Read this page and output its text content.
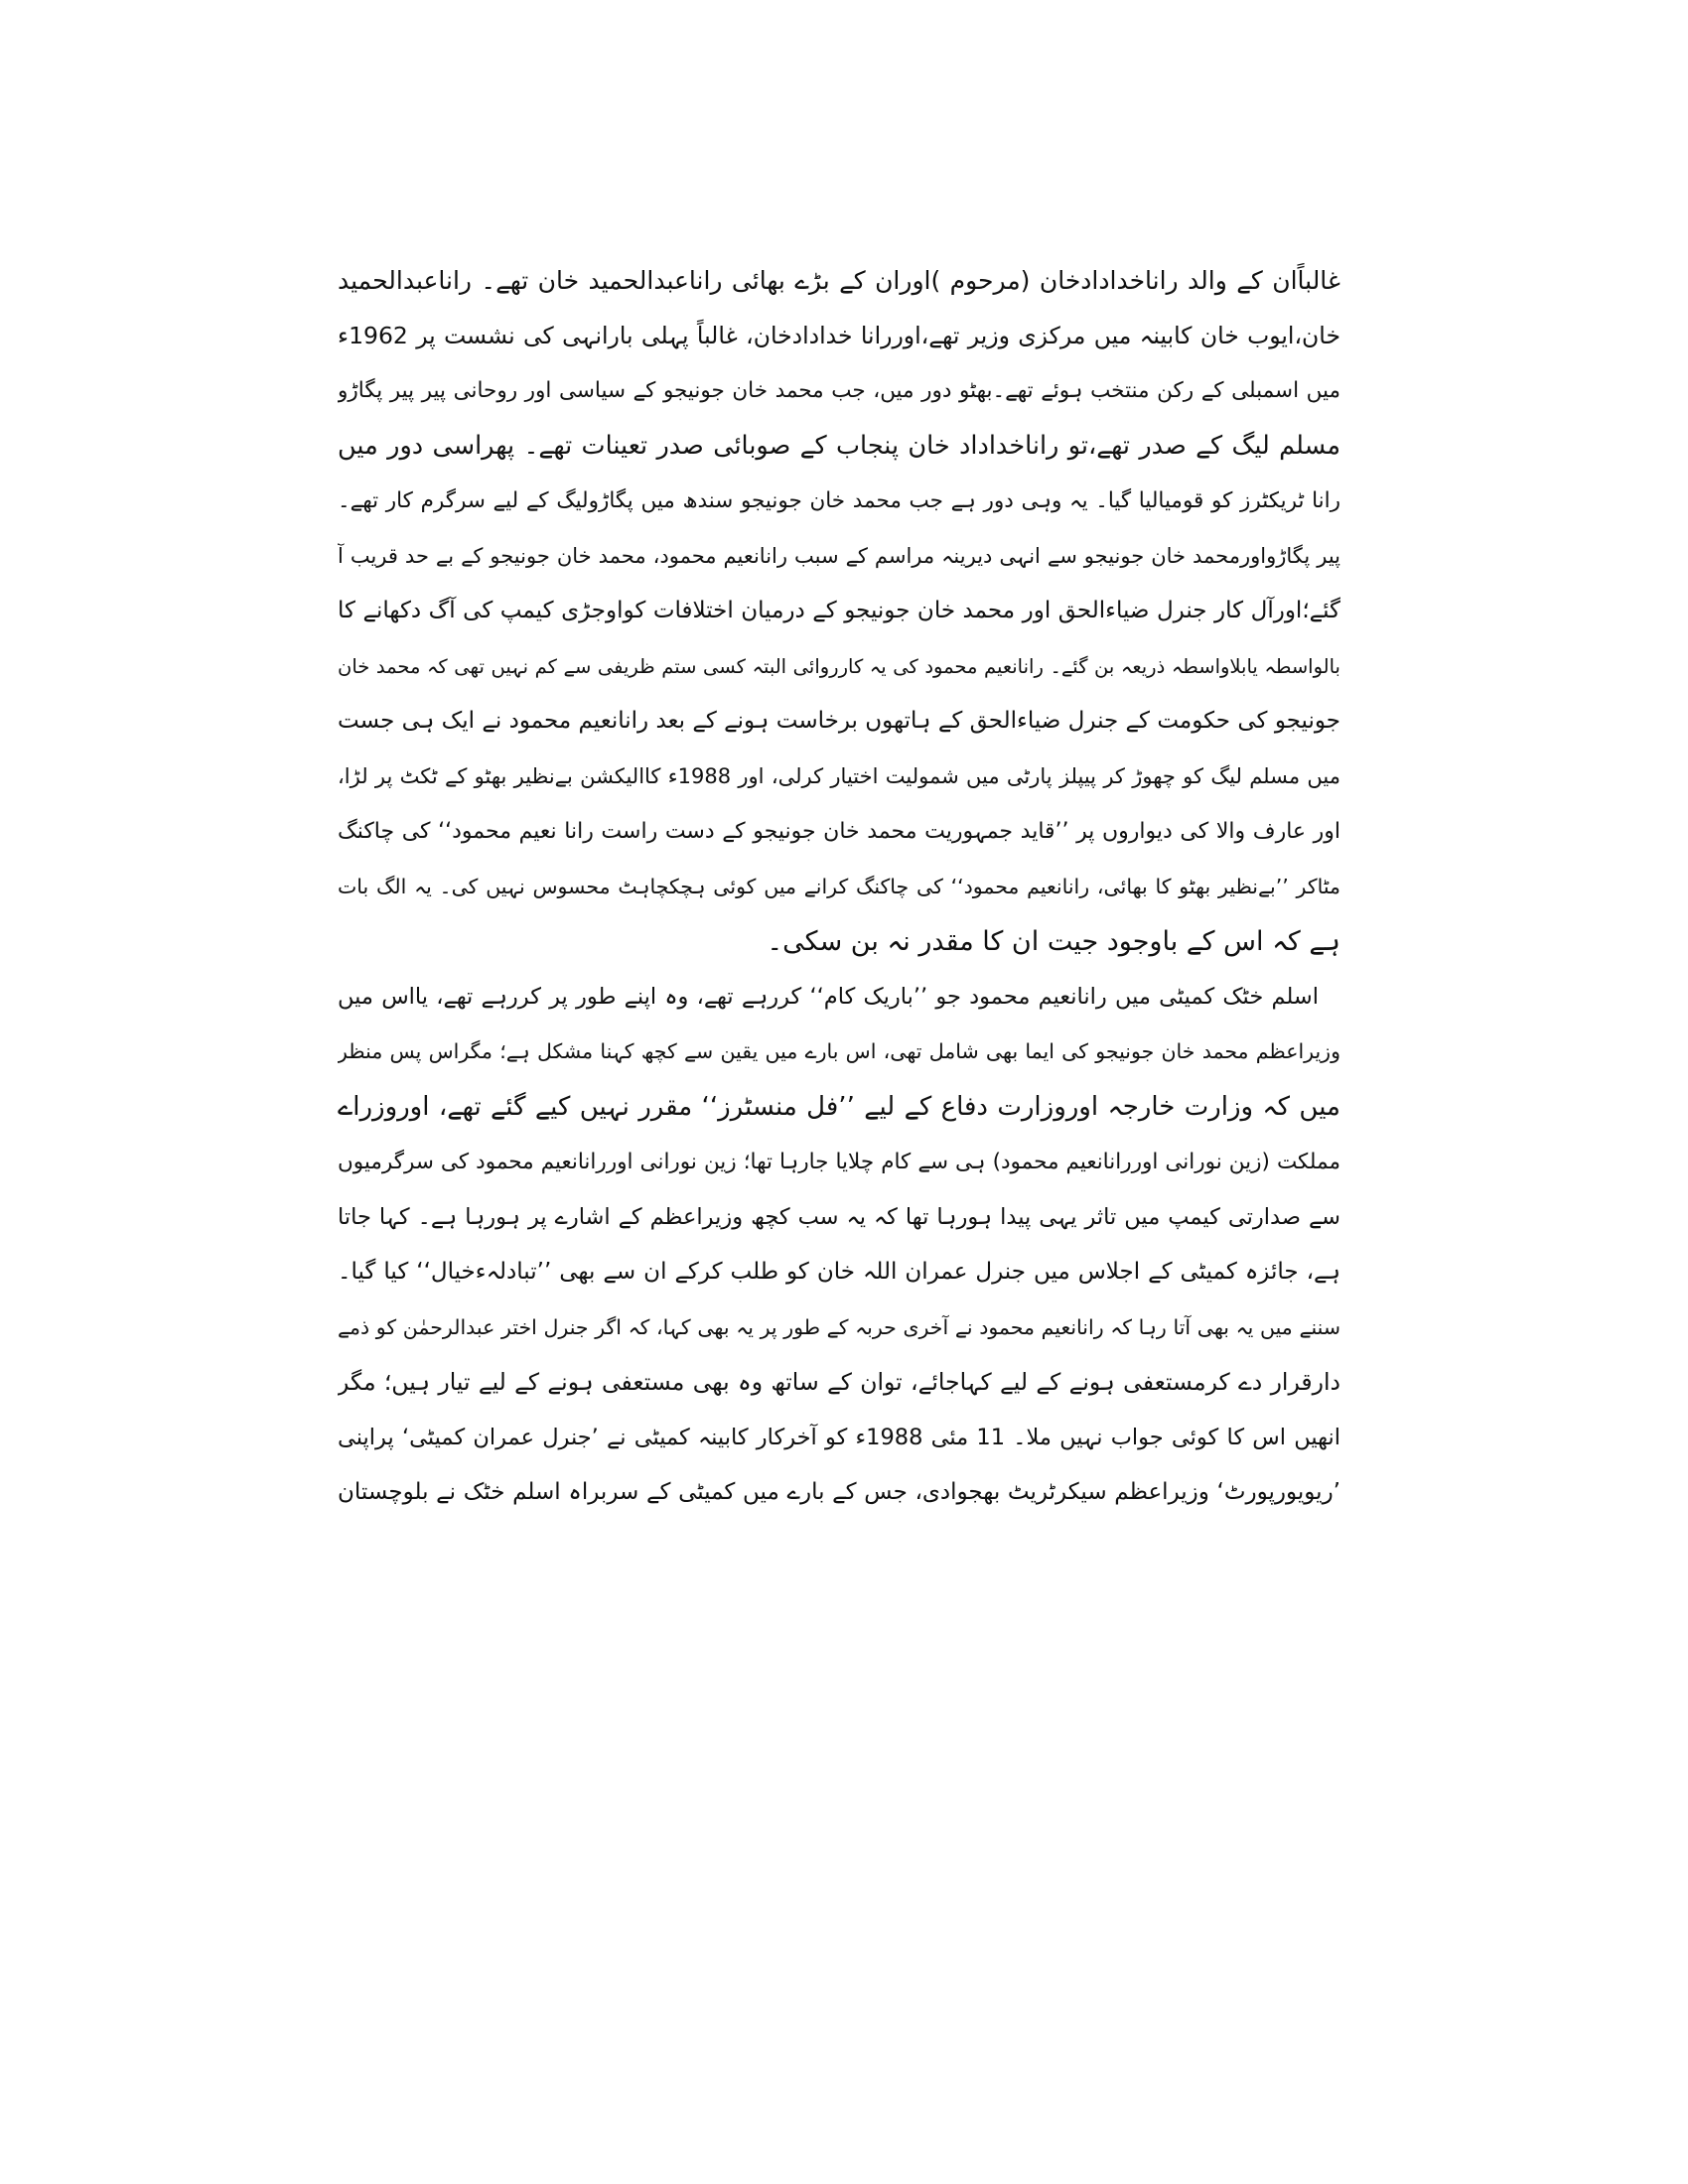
غالباًان کے والد راناخدادادخان (مرحوم )اوران کے بڑے بھائی راناعبدالحمید خان تھے۔ راناعبدالحمید
خان،ایوب خان کابینہ میں مرکزی وزیر تھے،اوررانا خدادادخان، غالباً پہلی بارانہی کی نشست پر 1962ء
میں اسمبلی کے رکن منتخب ہوئے تھے۔بھٹو دور میں، جب محمد خان جونیجو کے سیاسی اور روحانی پیر پیر پگاڑو
مسلم لیگ کے صدر تھے،تو راناخداداد خان پنجاب کے صوبائی صدر تعینات تھے۔ پھراسی دور میں
رانا ٹریکٹرز کو قومیالیا گیا۔ یہ وہی دور ہے جب محمد خان جونیجو سندھ میں پگاڑولیگ کے لیے سرگرم کار تھے۔
پیر پگاڑواورمحمد خان جونیجو سے انہی دیرینہ مراسم کے سبب رانانعیم محمود، محمد خان جونیجو کے بے حد قریب آ
گئے؛اورآل کار جنرل ضیاءالحق اور محمد خان جونیجو کے درمیان اختلافات کواوجڑی کیمپ کی آگ دکھانے کا
بالواسطہ یابلاواسطہ ذریعہ بن گئے۔ رانانعیم محمود کی یہ کارروائی البتہ کسی ستم ظریفی سے کم نہیں تھی کہ محمد خان
جونیجو کی حکومت کے جنرل ضیاءالحق کے ہاتھوں برخاست ہونے کے بعد رانانعیم محمود نے ایک ہی جست
میں مسلم لیگ کو چھوڑ کر پیپلز پارٹی میں شمولیت اختیار کرلی، اور 1988ء کاالیکشن بےنظیر بھٹو کے ٹکٹ پر لڑا،
اور عارف والا کی دیواروں پر ’’قاید جمہوریت محمد خان جونیجو کے دست راست رانا نعیم محمود‘‘ کی چاکنگ
مٹاکر ’’بےنظیر بھٹو کا بھائی، رانانعیم محمود‘‘ کی چاکنگ کرانے میں کوئی ہچکچاہٹ محسوس نہیں کی۔ یہ الگ بات
ہے کہ اس کے باوجود جیت ان کا مقدر نہ بن سکی۔
اسلم خٹک کمیٹی میں رانانعیم محمود جو ’’باریک کام‘‘ کررہے تھے، وہ اپنے طور پر کررہے تھے، یااس میں
وزیراعظم محمد خان جونیجو کی ایما بھی شامل تھی، اس بارے میں یقین سے کچھ کہنا مشکل ہے؛ مگراس پس منظر
میں کہ وزارت خارجہ اوروزارت دفاع کے لیے ’’فل منسٹرز‘‘ مقرر نہیں کیے گئے تھے، اوروزراے
مملکت (زین نورانی اوررانانعیم محمود) ہی سے کام چلایا جارہا تھا؛ زین نورانی اوررانانعیم محمود کی سرگرمیوں
سے صدارتی کیمپ میں تاثر یہی پیدا ہورہا تھا کہ یہ سب کچھ وزیراعظم کے اشارے پر ہورہا ہے۔ کہا جاتا
ہے، جائزہ کمیٹی کے اجلاس میں جنرل عمران اللہ خان کو طلب کرکے ان سے بھی ’’تبادلہءخیال‘‘ کیا گیا۔
سننے میں یہ بھی آتا رہا کہ رانانعیم محمود نے آخری حربہ کے طور پر یہ بھی کہا، کہ اگر جنرل اختر عبدالرحمٰن کو ذمے
دارقرار دے کرمستعفی ہونے کے لیے کہاجائے، توان کے ساتھ وہ بھی مستعفی ہونے کے لیے تیار ہیں؛ مگر
انھیں اس کا کوئی جواب نہیں ملا۔ 11 مئی 1988ء کو آخرکار کابینہ کمیٹی نے ’جنرل عمران کمیٹی‘ پراپنی
’ریویورپورٹ‘ وزیراعظم سیکرٹریٹ بھجوادی، جس کے بارے میں کمیٹی کے سربراہ اسلم خٹک نے بلوچستان
